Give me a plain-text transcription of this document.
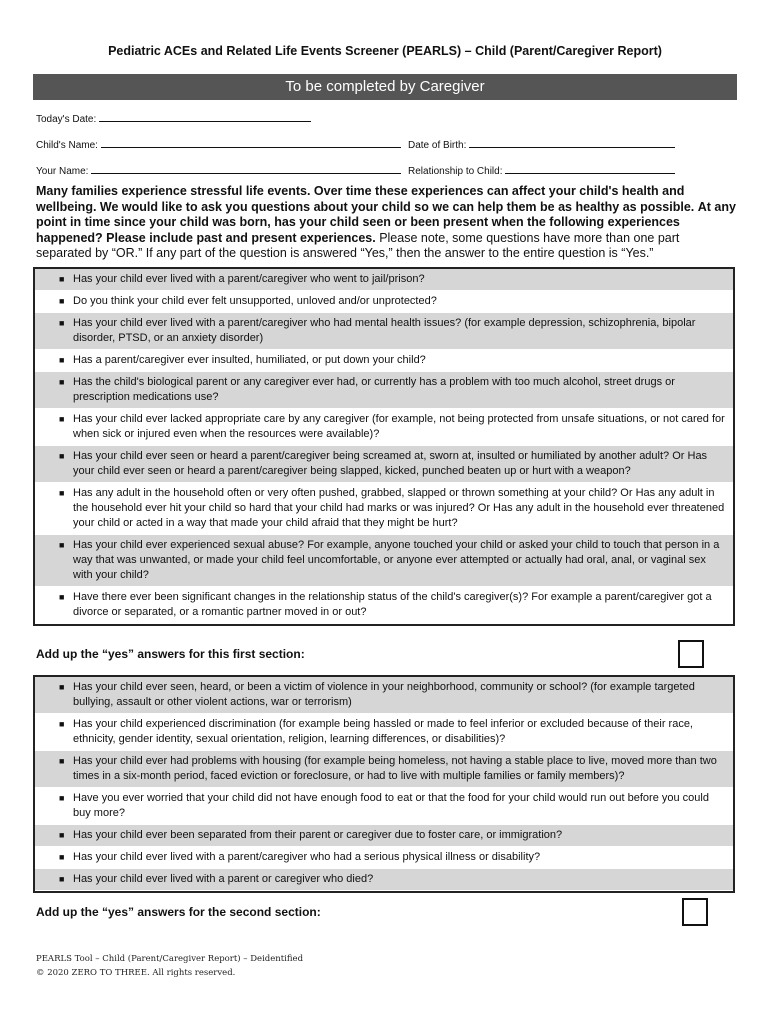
Pediatric ACEs and Related Life Events Screener (PEARLS) – Child (Parent/Caregiver Report)
To be completed by Caregiver
Today's Date:
Child's Name:	Date of Birth:
Your Name:	Relationship to Child:
Many families experience stressful life events. Over time these experiences can affect your child's health and wellbeing. We would like to ask you questions about your child so we can help them be as healthy as possible. At any point in time since your child was born, has your child seen or been present when the following experiences happened? Please include past and present experiences. Please note, some questions have more than one part separated by “OR.” If any part of the question is answered “Yes,” then the answer to the entire question is “Yes.”
■ Has your child ever lived with a parent/caregiver who went to jail/prison?
■ Do you think your child ever felt unsupported, unloved and/or unprotected?
■ Has your child ever lived with a parent/caregiver who had mental health issues? (for example depression, schizophrenia, bipolar disorder, PTSD, or an anxiety disorder)
■ Has a parent/caregiver ever insulted, humiliated, or put down your child?
■ Has the child's biological parent or any caregiver ever had, or currently has a problem with too much alcohol, street drugs or prescription medications use?
■ Has your child ever lacked appropriate care by any caregiver (for example, not being protected from unsafe situations, or not cared for when sick or injured even when the resources were available)?
■ Has your child ever seen or heard a parent/caregiver being screamed at, sworn at, insulted or humiliated by another adult? Or Has your child ever seen or heard a parent/caregiver being slapped, kicked, punched beaten up or hurt with a weapon?
■ Has any adult in the household often or very often pushed, grabbed, slapped or thrown something at your child? Or Has any adult in the household ever hit your child so hard that your child had marks or was injured? Or Has any adult in the household ever threatened your child or acted in a way that made your child afraid that they might be hurt?
■ Has your child ever experienced sexual abuse? For example, anyone touched your child or asked your child to touch that person in a way that was unwanted, or made your child feel uncomfortable, or anyone ever attempted or actually had oral, anal, or vaginal sex with your child?
■ Have there ever been significant changes in the relationship status of the child's caregiver(s)? For example a parent/caregiver got a divorce or separated, or a romantic partner moved in or out?
Add up the “yes” answers for this first section:
■ Has your child ever seen, heard, or been a victim of violence in your neighborhood, community or school? (for example targeted bullying, assault or other violent actions, war or terrorism)
■ Has your child experienced discrimination (for example being hassled or made to feel inferior or excluded because of their race, ethnicity, gender identity, sexual orientation, religion, learning differences, or disabilities)?
■ Has your child ever had problems with housing (for example being homeless, not having a stable place to live, moved more than two times in a six-month period, faced eviction or foreclosure, or had to live with multiple families or family members)?
■ Have you ever worried that your child did not have enough food to eat or that the food for your child would run out before you could buy more?
■ Has your child ever been separated from their parent or caregiver due to foster care, or immigration?
■ Has your child ever lived with a parent/caregiver who had a serious physical illness or disability?
■ Has your child ever lived with a parent or caregiver who died?
Add up the “yes” answers for the second section:
PEARLS Tool – Child (Parent/Caregiver Report) – Deidentified
© 2020 ZERO TO THREE. All rights reserved.
